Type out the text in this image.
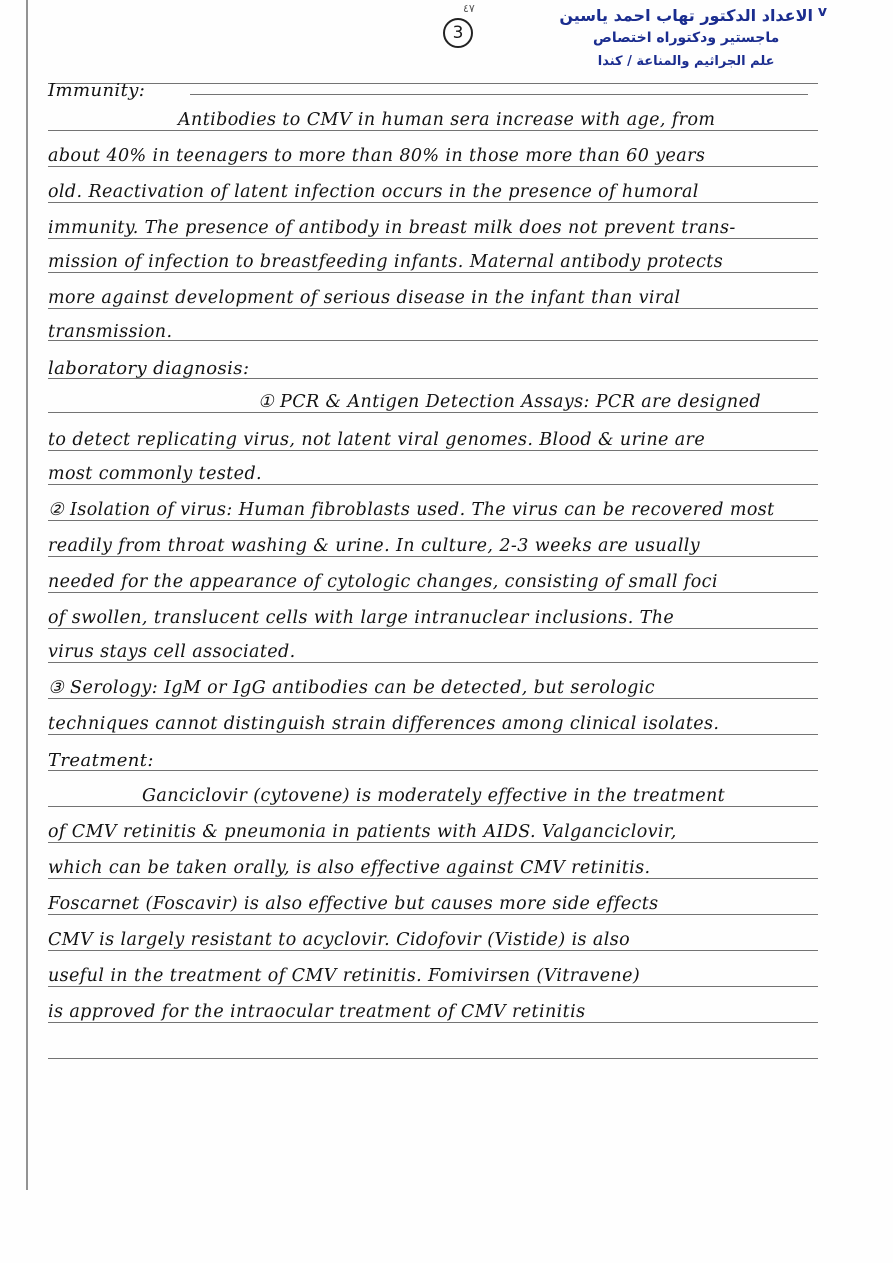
٤٧
3
الاعداد الدكتور تهاب احمد ياسين
ماجستير ودكتوراه اختصاص
علم الجراثيم والمناعة / كندا
v
Immunity:
Antibodies to CMV in human sera increase with age, from
about 40% in teenagers to more than 80% in those more than 60 years
old. Reactivation of latent infection occurs in the presence of humoral
immunity. The presence of antibody in breast milk does not prevent trans-
mission of infection to breastfeeding infants. Maternal antibody protects
more against development of serious disease in the infant than viral
transmission.
laboratory diagnosis:
① PCR & Antigen Detection Assays: PCR are designed
to detect replicating virus, not latent viral genomes. Blood & urine are
most commonly tested.
② Isolation of virus: Human fibroblasts used. The virus can be recovered most
readily from throat washing & urine. In culture, 2-3 weeks are usually
needed for the appearance of cytologic changes, consisting of small foci
of swollen, translucent cells with large intranuclear inclusions. The
virus stays cell associated.
③ Serology: IgM or IgG antibodies can be detected, but serologic
techniques cannot distinguish strain differences among clinical isolates.
Treatment:
Ganciclovir (cytovene) is moderately effective in the treatment
of CMV retinitis & pneumonia in patients with AIDS. Valganciclovir,
which can be taken orally, is also effective against CMV retinitis.
Foscarnet (Foscavir) is also effective but causes more side effects
CMV is largely resistant to acyclovir. Cidofovir (Vistide) is also
useful in the treatment of CMV retinitis. Fomivirsen (Vitravene)
is approved for the intraocular treatment of CMV retinitis
